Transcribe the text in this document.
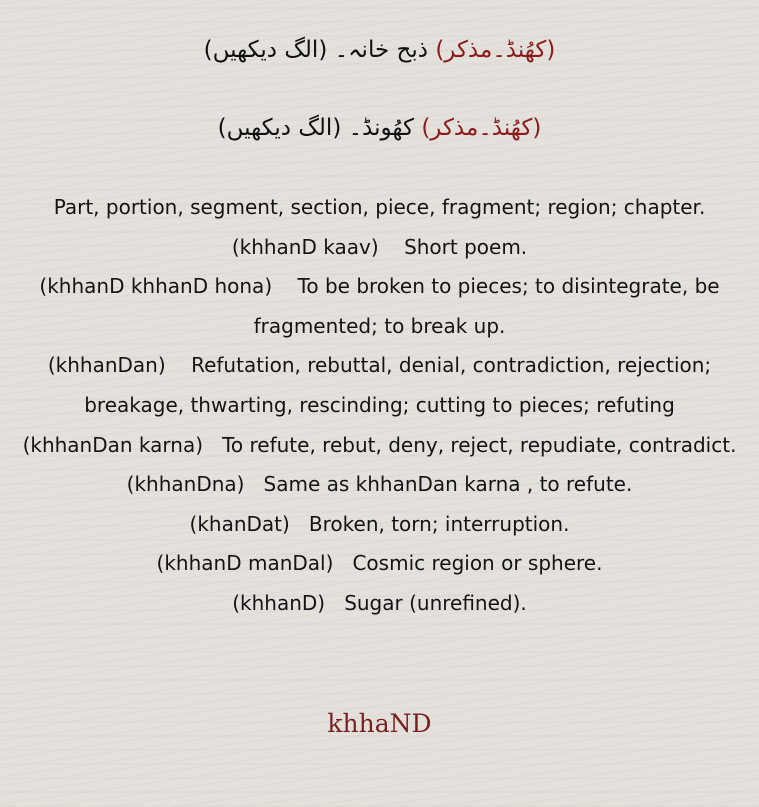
(کھُنڈ۔مذکر) ذبح خانہ۔ (الگ دیکھیں)
(کھُنڈ۔مذکر) کھُونڈ۔ (الگ دیکھیں)

Part, portion, segment, section, piece, fragment; region; chapter.

(khhanD kaav)    Short poem.

(khhanD khhanD hona)    To be broken to pieces; to disintegrate, be fragmented; to break up.

(khhanDan)    Refutation, rebuttal, denial, contradiction, rejection; breakage, thwarting, rescinding; cutting to pieces; refuting

(khhanDan karna)   To refute, rebut, deny, reject, repudiate, contradict.

(khhanDna)   Same as khhanDan karna , to refute.

(khanDat)   Broken, torn; interruption.

(khhanD manDal)   Cosmic region or sphere.

(khhanD)   Sugar (unrefined).

khhaND
